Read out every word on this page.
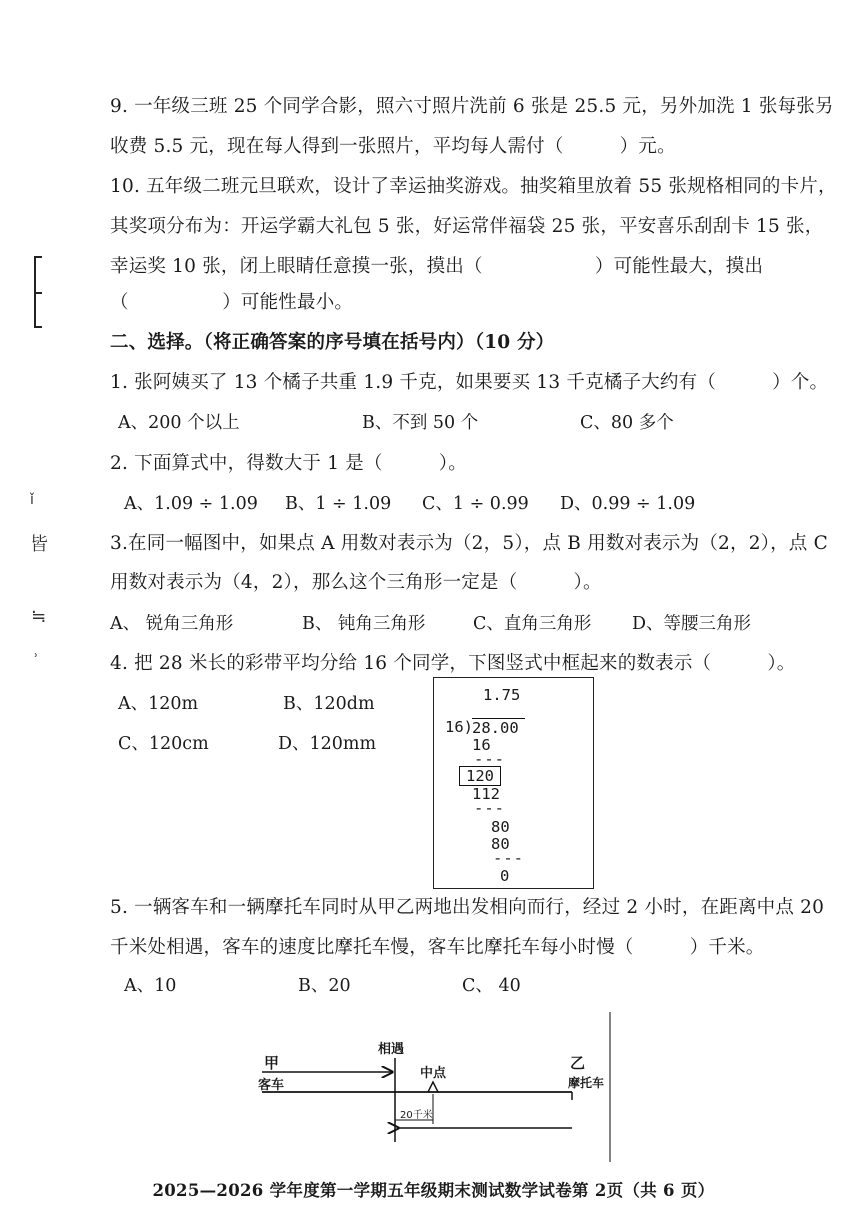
ǐ
皆
≒
ʾ
9. 一年级三班 25 个同学合影，照六寸照片洗前 6 张是 25.5 元，另外加洗 1 张每张另
收费 5.5 元，现在每人得到一张照片，平均每人需付（　　　）元。
10. 五年级二班元旦联欢，设计了幸运抽奖游戏。抽奖箱里放着 55 张规格相同的卡片，
其奖项分布为：开运学霸大礼包 5 张，好运常伴福袋 25 张，平安喜乐刮刮卡 15 张，
幸运奖 10 张，闭上眼睛任意摸一张，摸出（　　　　　　）可能性最大，摸出
（　　　　　）可能性最小。
二、选择。（将正确答案的序号填在括号内）（10 分）
1. 张阿姨买了 13 个橘子共重 1.9 千克，如果要买 13 千克橘子大约有（　　　）个。
A、200 个以上	B、不到 50 个	C、80 多个
2. 下面算式中，得数大于 1 是（　　　）。
A、1.09 ÷ 1.09 B、1 ÷ 1.09 C、1 ÷ 0.99 D、0.99 ÷ 1.09
3.在同一幅图中，如果点 A 用数对表示为（2，5），点 B 用数对表示为（2，2），点 C
用数对表示为（4，2），那么这个三角形一定是（　　　）。
A、 锐角三角形	B、 钝角三角形	C、直角三角形 D、等腰三角形
4. 把 28 米长的彩带平均分给 16 个同学，下图竖式中框起来的数表示（　　　）。
A、120m	B、120dm
C、120cm	D、120mm
1.75
16) 28.00
16
---
120
112
---
80
80
---
0
5. 一辆客车和一辆摩托车同时从甲乙两地出发相向而行，经过 2 小时，在距离中点 20
千米处相遇，客车的速度比摩托车慢，客车比摩托车每小时慢（　　　）千米。
A、10	B、20	C、 40
甲
客车
相遇
中点
乙
摩托车
20千米
2025—2026 学年度第一学期五年级期末测试数学试卷第 2页（共 6 页）
